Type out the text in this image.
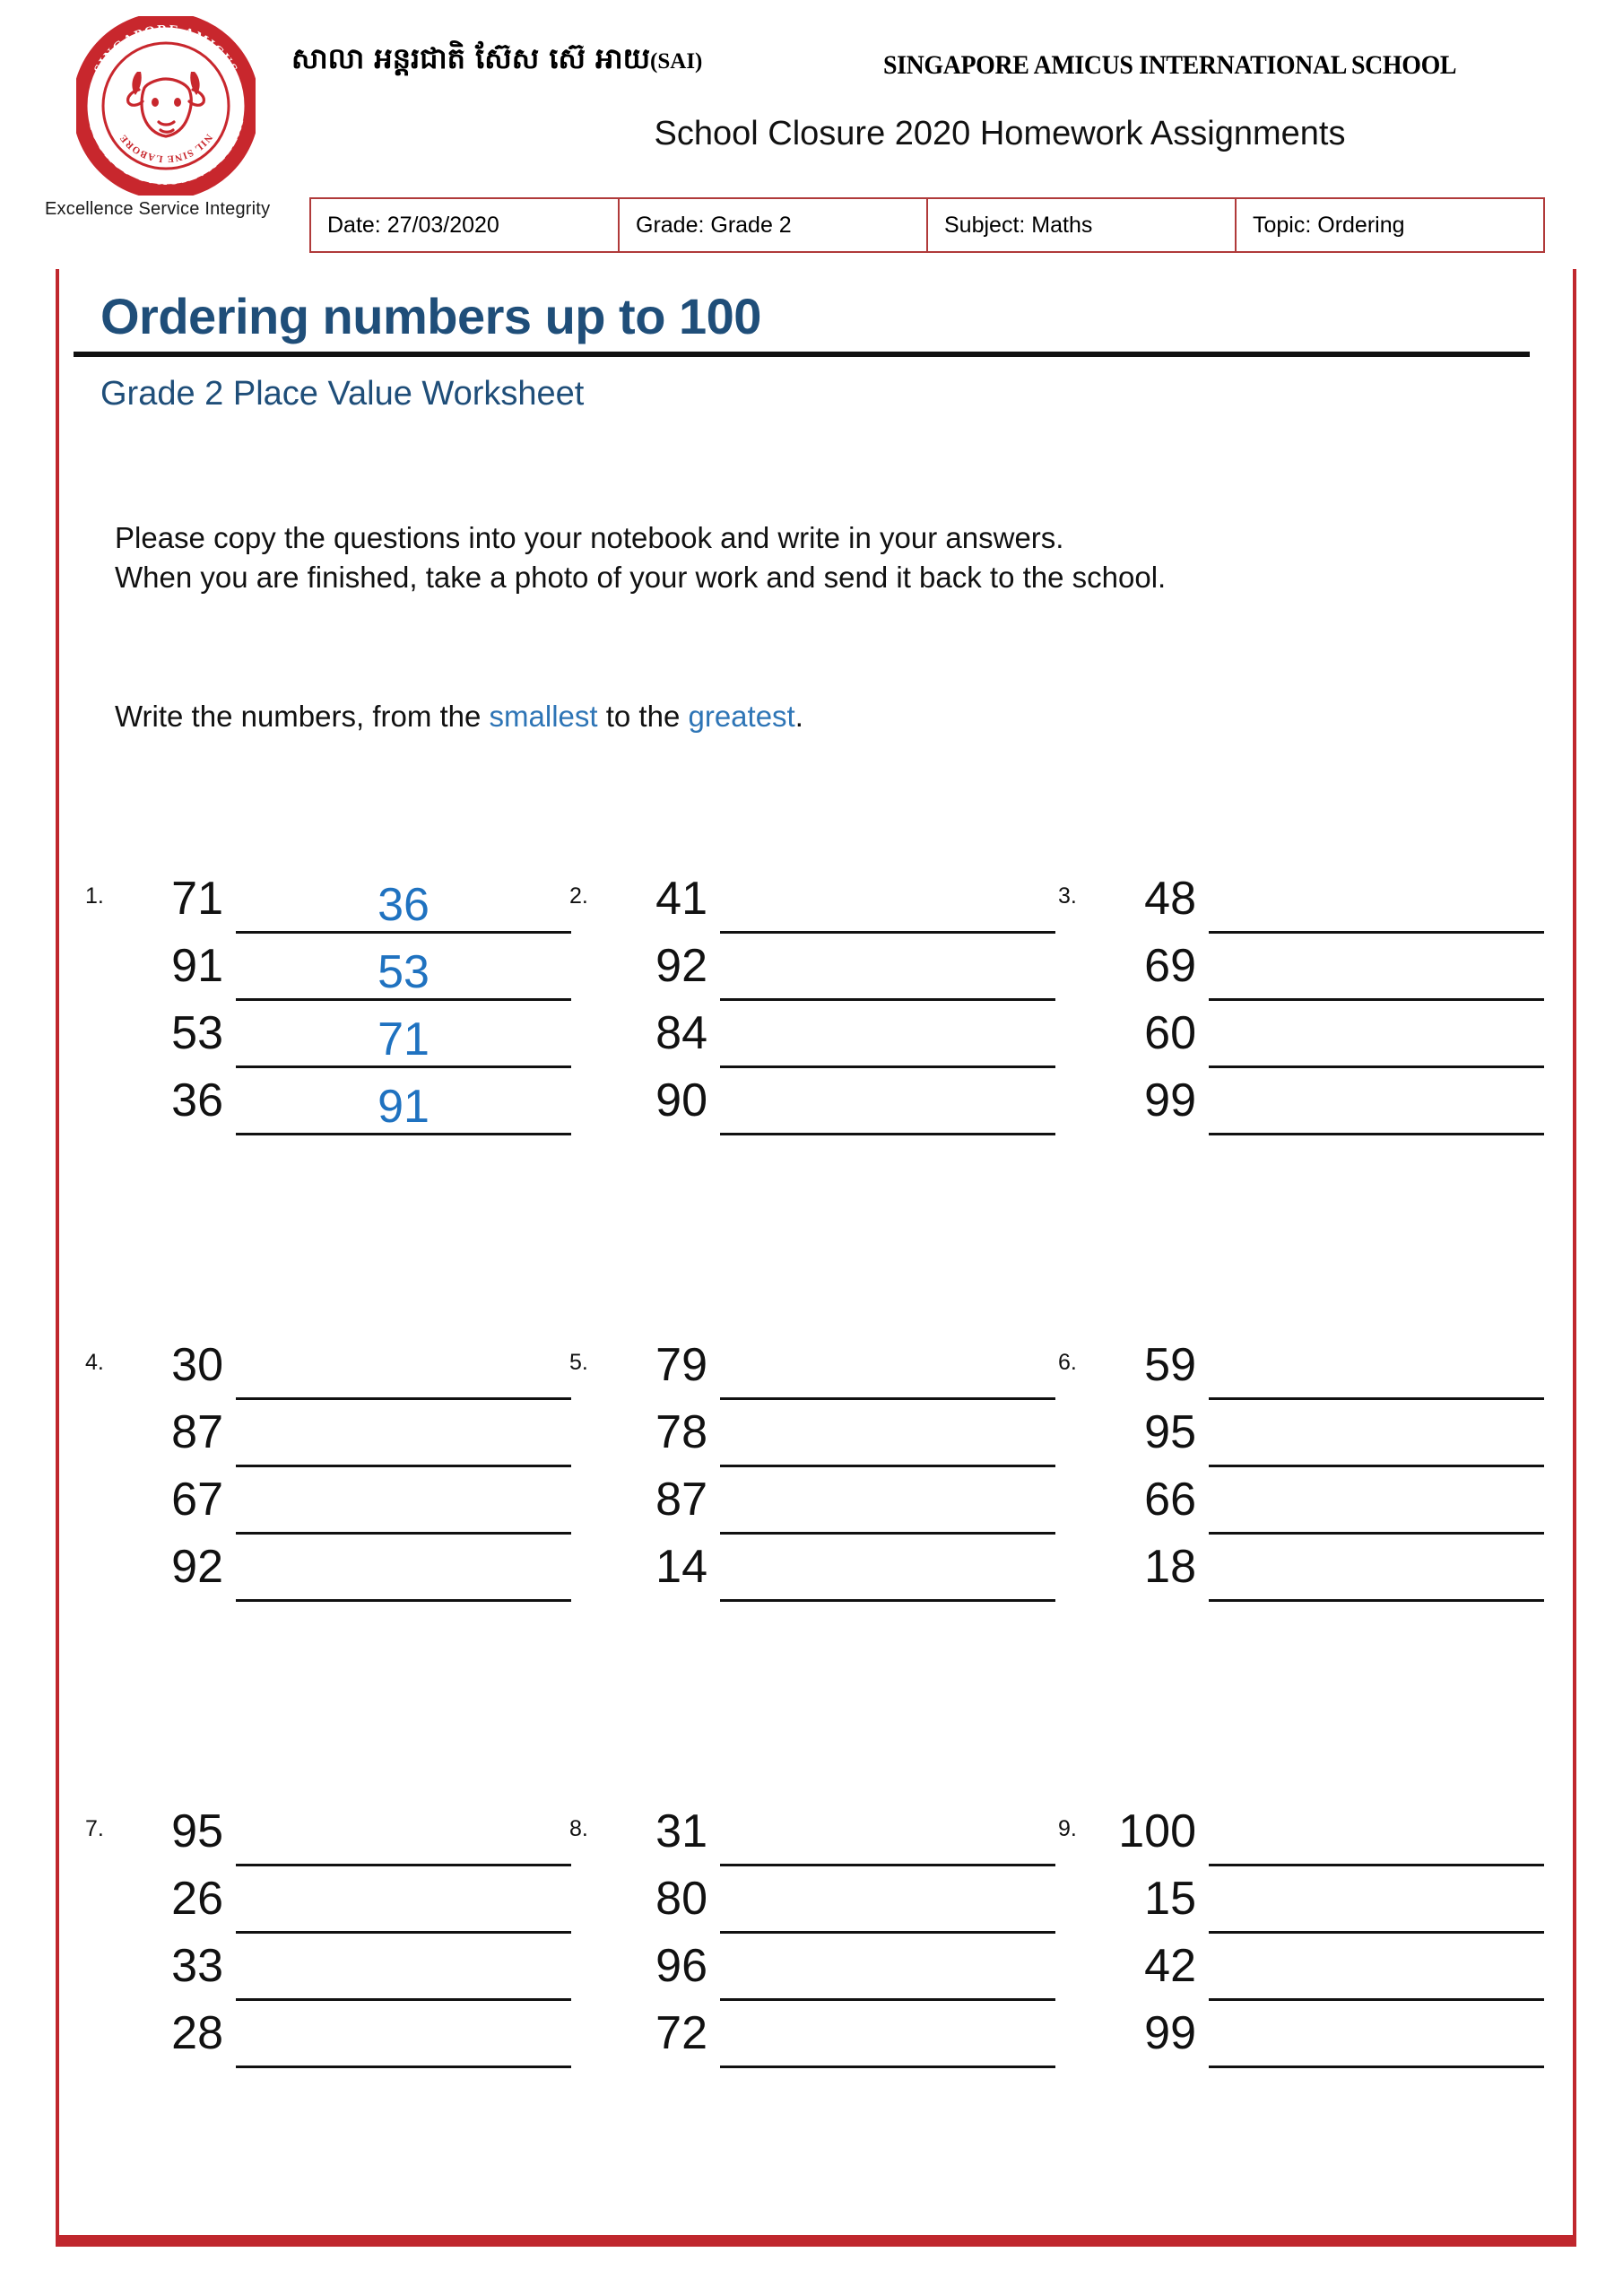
SINGAPORE AMICUS
INTERNATIONAL SCHOOL
NIL SINE LABORE
Excellence Service Integrity
សាលា អន្តរជាតិ ស៊ែស ស៊េ អាយ(SAI)	SINGAPORE AMICUS INTERNATIONAL SCHOOL
School Closure 2020 Homework Assignments
Date: 27/03/2020	Grade: Grade 2	Subject: Maths	Topic: Ordering
Ordering numbers up to 100
Grade 2 Place Value Worksheet
Please copy the questions into your notebook and write in your answers.
When you are finished, take a photo of your work and send it back to the school.
Write the numbers, from the smallest to the greatest.
1.	71	36
91	53
53	71
36	91
2.	41
92
84
90
3.	48
69
60
99
4.	30
87
67
92
5.	79
78
87
14
6.	59
95
66
18
7.	95
26
33
28
8.	31
80
96
72
9. 100
15
42
99
